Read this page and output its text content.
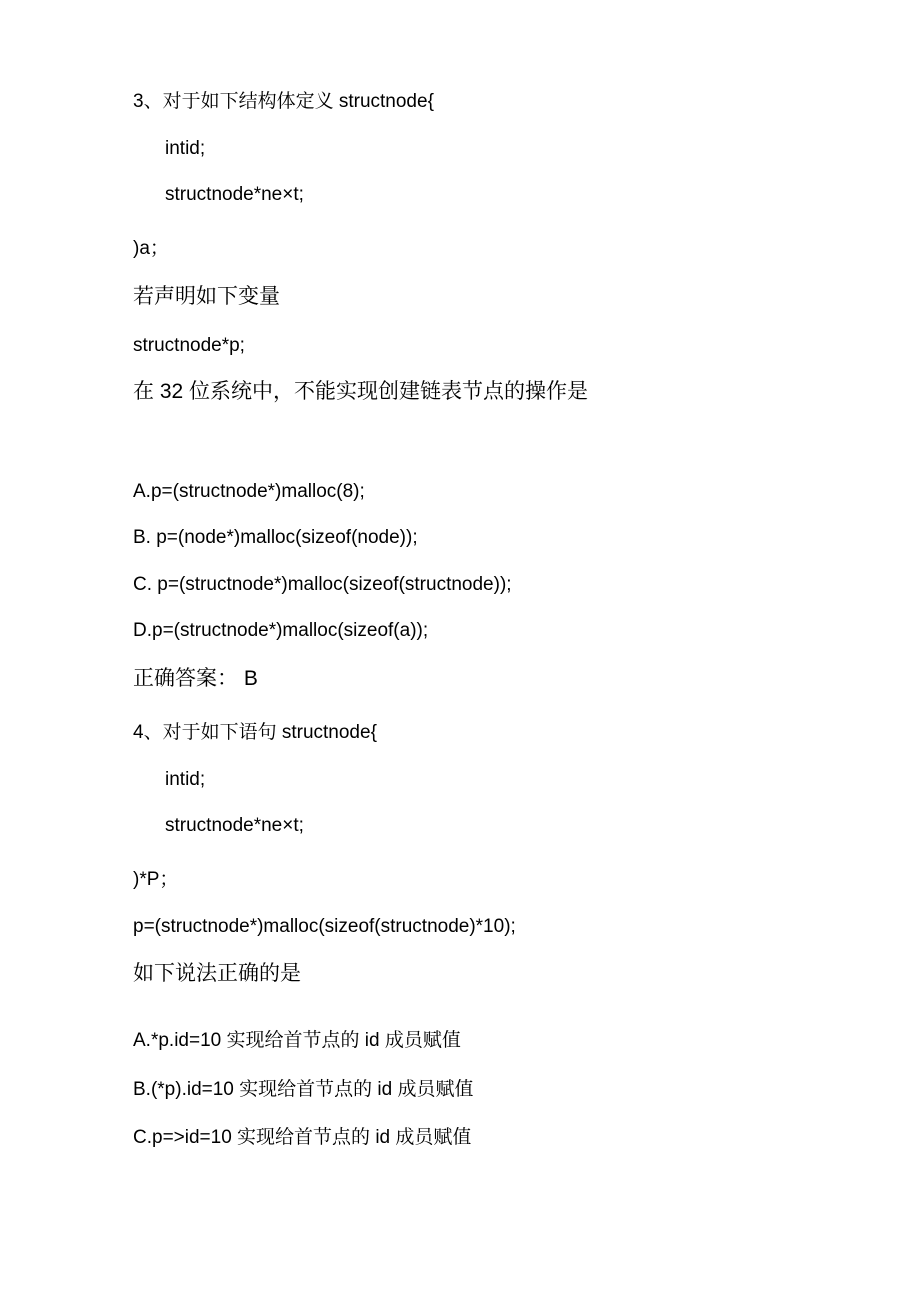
3、对于如下结构体定义 structnode{
intid;
structnode*ne×t;
)a；
若声明如下变量
structnode*p;
在 32 位系统中，不能实现创建链表节点的操作是
A.p=(structnode*)malloc(8);
B. p=(node*)malloc(sizeof(node));
C. p=(structnode*)malloc(sizeof(structnode));
D.p=(structnode*)malloc(sizeof(a));
正确答案： B
4、对于如下语句 structnode{
intid;
structnode*ne×t;
)*P；
p=(structnode*)malloc(sizeof(structnode)*10);
如下说法正确的是
A.*p.id=10 实现给首节点的 id 成员赋值
B.(*p).id=10 实现给首节点的 id 成员赋值
C.p=>id=10 实现给首节点的 id 成员赋值
